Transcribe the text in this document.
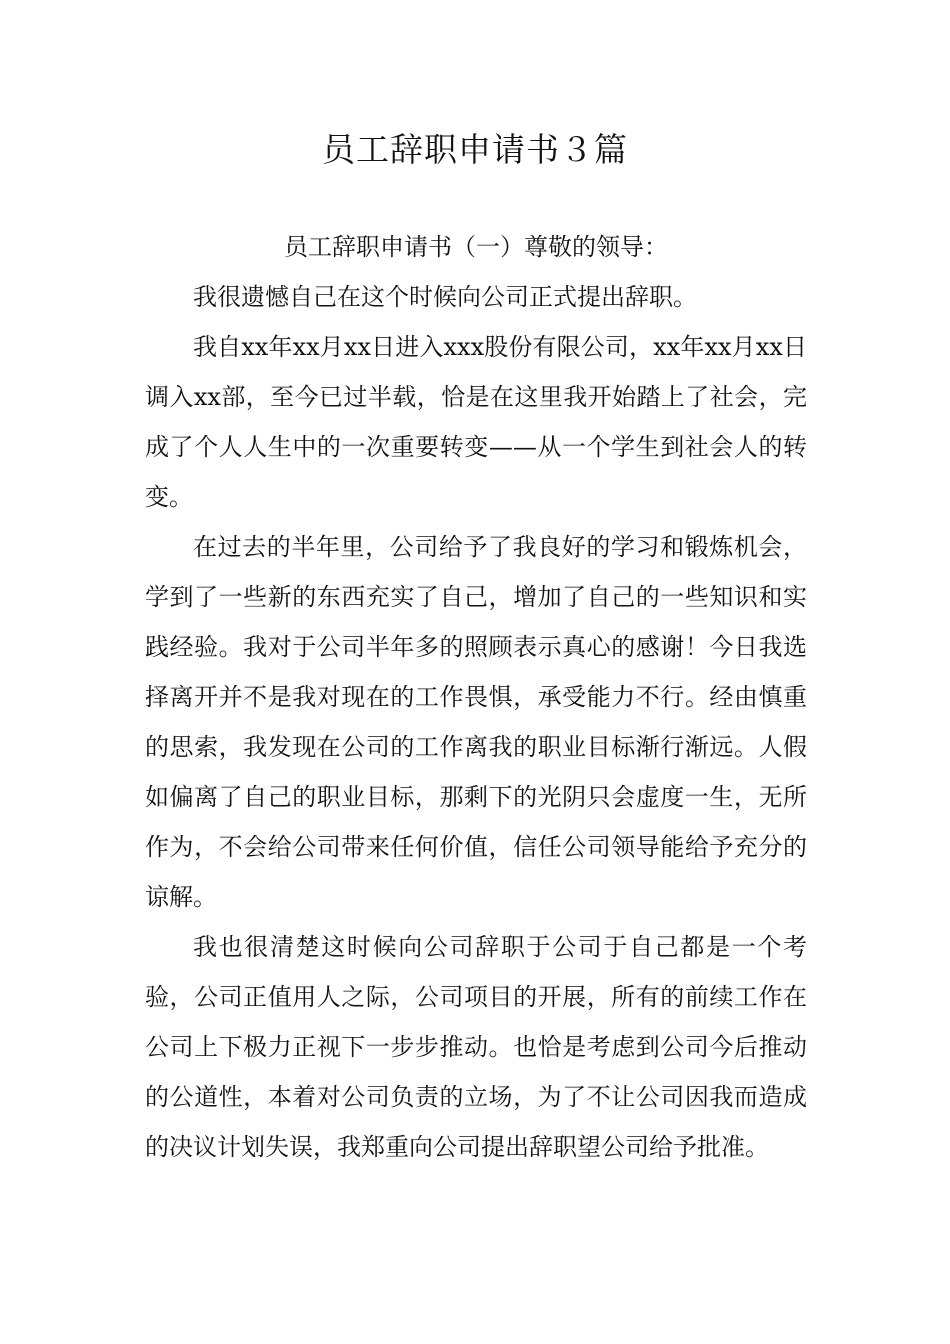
员工辞职申请书３篇

员工辞职申请书（一）尊敬的领导：

我很遗憾自己在这个时候向公司正式提出辞职。

我自xx年xx月xx日进入xxx股份有限公司，xx年xx月xx日调入xx部，至今已过半载，恰是在这里我开始踏上了社会，完成了个人人生中的一次重要转变——从一个学生到社会人的转变。

在过去的半年里，公司给予了我良好的学习和锻炼机会，学到了一些新的东西充实了自己，增加了自己的一些知识和实践经验。我对于公司半年多的照顾表示真心的感谢！今日我选择离开并不是我对现在的工作畏惧，承受能力不行。经由慎重的思索，我发现在公司的工作离我的职业目标渐行渐远。人假如偏离了自己的职业目标，那剩下的光阴只会虚度一生，无所作为，不会给公司带来任何价值，信任公司领导能给予充分的谅解。

我也很清楚这时候向公司辞职于公司于自己都是一个考验，公司正值用人之际，公司项目的开展，所有的前续工作在公司上下极力正视下一步步推动。也恰是考虑到公司今后推动的公道性，本着对公司负责的立场，为了不让公司因我而造成的决议计划失误，我郑重向公司提出辞职望公司给予批准。
